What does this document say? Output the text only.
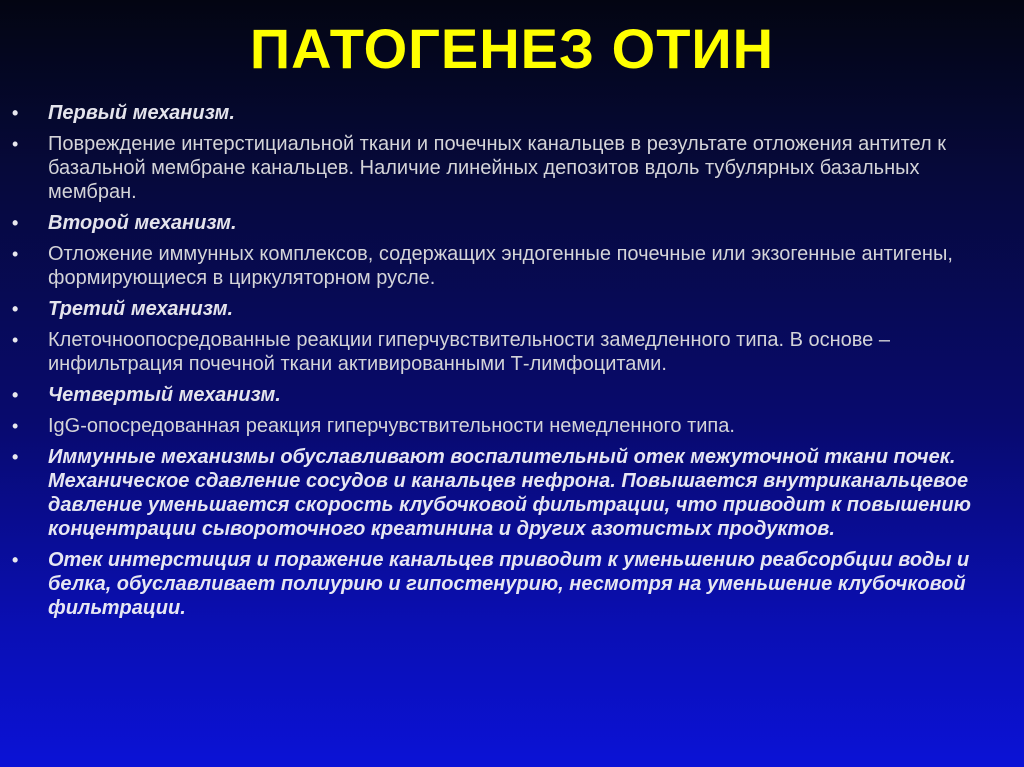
ПАТОГЕНЕЗ ОТИН
•	Первый механизм.
•	Повреждение интерстициальной ткани и почечных канальцев в результате отложения антител к базальной мембране канальцев. Наличие линейных депозитов вдоль тубулярных базальных мембран.
•	Второй механизм.
•	Отложение иммунных комплексов, содержащих эндогенные почечные или экзогенные антигены, формирующиеся в циркуляторном русле.
•	Третий механизм.
•	Клеточноопосредованные реакции гиперчувствительности замедленного типа. В основе – инфильтрация почечной ткани активированными Т-лимфоцитами.
•	Четвертый механизм.
•	IgG-опосредованная реакция гиперчувствительности немедленного типа.
•	Иммунные механизмы обуславливают воспалительный отек межуточной ткани почек. Механическое сдавление сосудов и канальцев нефрона. Повышается внутриканальцевое давление уменьшается скорость клубочковой фильтрации, что приводит к повышению концентрации сывороточного креатинина и других азотистых продуктов.
•	Отек интерстиция и поражение канальцев приводит к уменьшению реабсорбции воды и белка, обуславливает полиурию и гипостенурию, несмотря на уменьшение клубочковой фильтрации.
